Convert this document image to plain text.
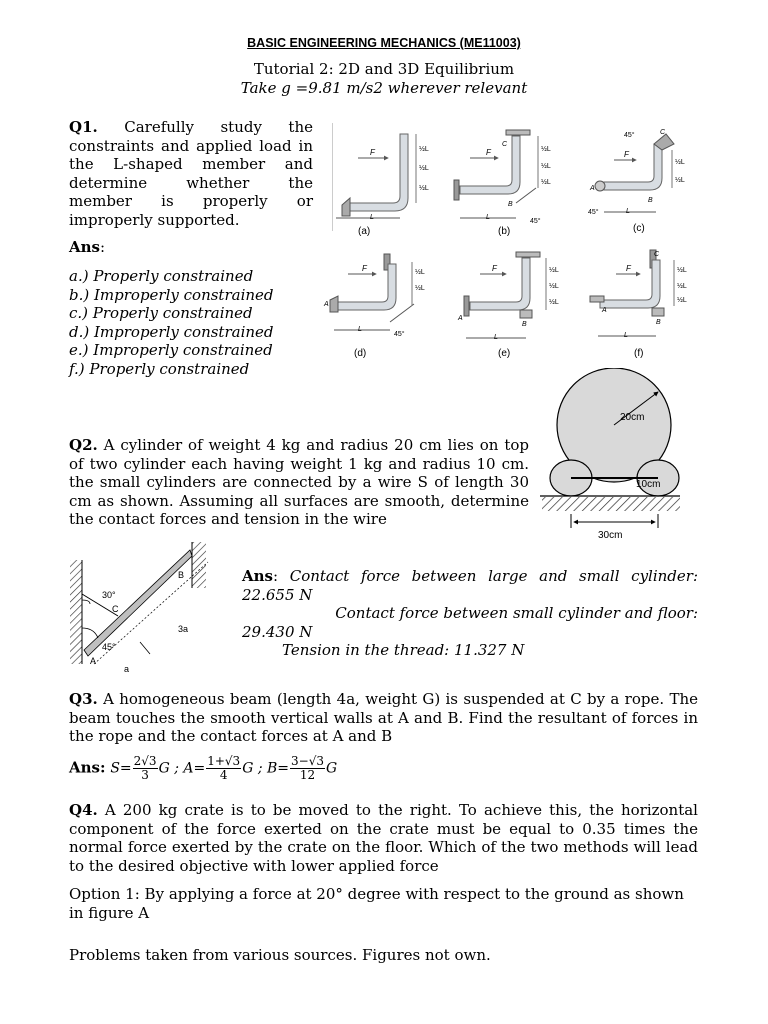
BASIC ENGINEERING MECHANICS (ME11003)
Tutorial 2: 2D and 3D Equilibrium
Take g =9.81 m/s2 wherever relevant
Q1. Carefully study the
constraints and applied load in
the L-shaped member and
determine whether the
member is properly or
improperly supported.
Ans:
a.) Properly constrained
b.) Improperly constrained
c.) Properly constrained
d.) Improperly constrained
e.) Improperly constrained
f.) Properly constrained
F	½L
½L
½L
L
(a)
F
C
B
½L
½L
½L
L
45°
(b)
F
45°	C
A
B
45°
½L
½L
L
(c)
F
A
½L
½L
L
45°
(d)
F
A
B
½L
½L
½L
L
(e)
F
C
A
B
½L
½L
½L
L
(f)
Q2. A cylinder of weight 4 kg and radius 20 cm lies on top of two cylinder each having weight 1 kg and radius 10 cm. the small cylinders are connected by a wire S of length 30 cm as shown. Assuming all surfaces are smooth, determine the contact forces and tension in the wire
20cm
10cm
30cm
B
30°
C
3a
45°
A
a
Ans: Contact force between large and small cylinder:
22.655 N
Contact force between small cylinder and floor:
29.430 N
Tension in the thread: 11.327 N
Q3. A homogeneous beam (length 4a, weight G) is suspended at C by a rope. The beam touches the smooth vertical walls at A and B. Find the resultant of forces in the rope and the contact forces at A and B
Ans: $S= \frac{2√3}{3}$ G ; $A= \frac{1+√3}{4}$ G ; $B= \frac{3-√3}{12}$ G
Q4. A 200 kg crate is to be moved to the right. To achieve this, the horizontal component of the force exerted on the crate must be equal to 0.35 times the normal force exerted by the crate on the floor. Which of the two methods will lead to the desired objective with lower applied force
Option 1: By applying a force at 20° degree with respect to the ground as shown in figure A
Problems taken from various sources. Figures not own.
